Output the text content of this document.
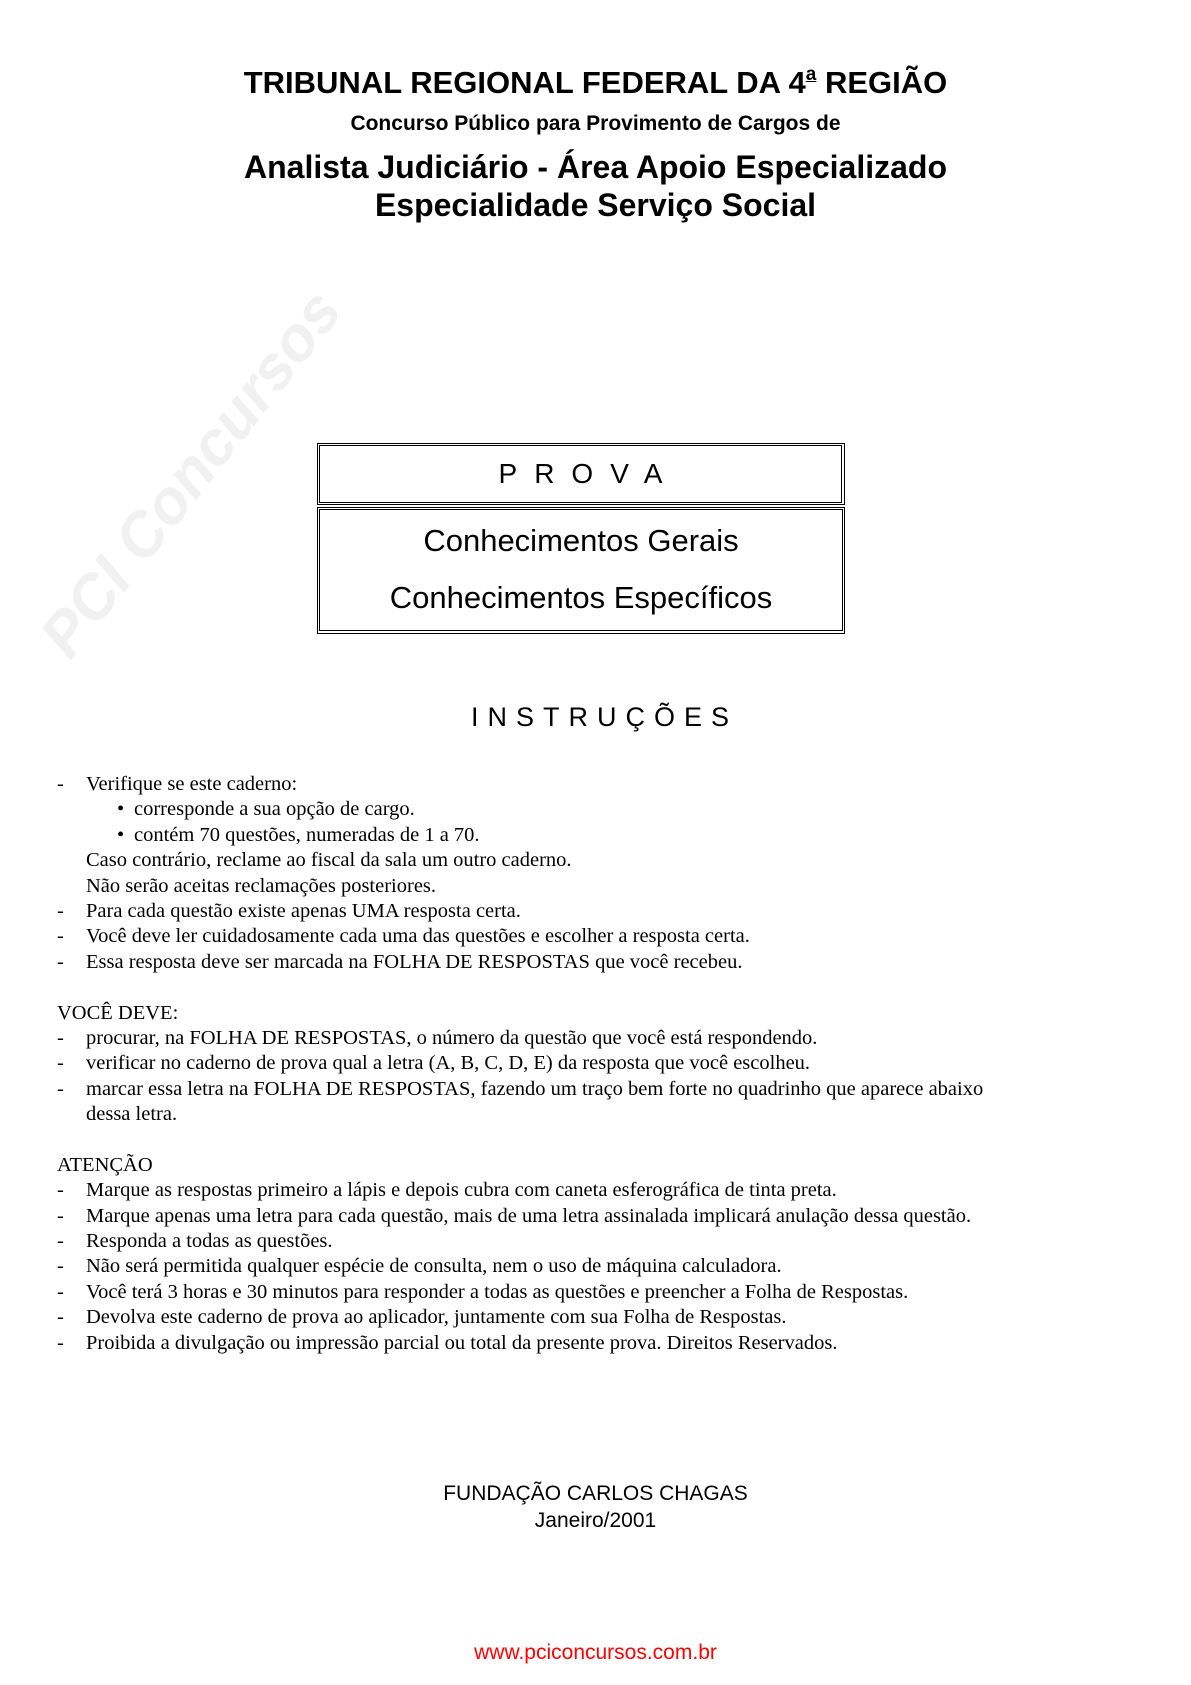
PCI Concursos
TRIBUNAL REGIONAL FEDERAL DA 4$^a$ REGIÃO
Concurso Público para Provimento de Cargos de
Analista Judiciário - Área Apoio Especializado
Especialidade Serviço Social
PROVA
Conhecimentos Gerais
Conhecimentos Específicos
INSTRUÇÕES
- Verifique se este caderno:
• corresponde a sua opção de cargo.
• contém 70 questões, numeradas de 1 a 70.
Caso contrário, reclame ao fiscal da sala um outro caderno.
Não serão aceitas reclamações posteriores.
- Para cada questão existe apenas UMA resposta certa.
- Você deve ler cuidadosamente cada uma das questões e escolher a resposta certa.
- Essa resposta deve ser marcada na FOLHA DE RESPOSTAS que você recebeu.
VOCÊ DEVE:
- procurar, na FOLHA DE RESPOSTAS, o número da questão que você está respondendo.
- verificar no caderno de prova qual a letra (A, B, C, D, E) da resposta que você escolheu.
- marcar essa letra na FOLHA DE RESPOSTAS, fazendo um traço bem forte no quadrinho que aparece abaixo
dessa letra.
ATENÇÃO
- Marque as respostas primeiro a lápis e depois cubra com caneta esferográfica de tinta preta.
- Marque apenas uma letra para cada questão, mais de uma letra assinalada implicará anulação dessa questão.
- Responda a todas as questões.
- Não será permitida qualquer espécie de consulta, nem o uso de máquina calculadora.
- Você terá 3 horas e 30 minutos para responder a todas as questões e preencher a Folha de Respostas.
- Devolva este caderno de prova ao aplicador, juntamente com sua Folha de Respostas.
- Proibida a divulgação ou impressão parcial ou total da presente prova. Direitos Reservados.
FUNDAÇÃO CARLOS CHAGAS
Janeiro/2001
www.pciconcursos.com.br
